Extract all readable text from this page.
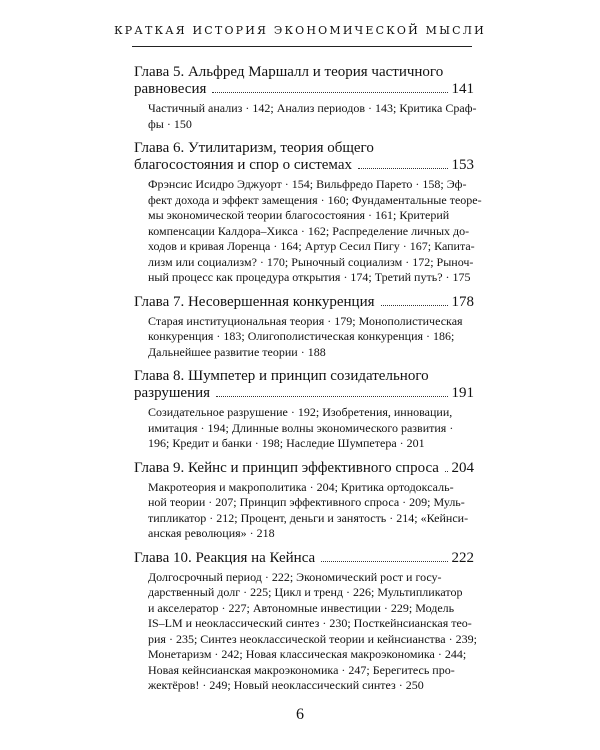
КРАТКАЯ ИСТОРИЯ ЭКОНОМИЧЕСКОЙ МЫСЛИ
Глава 5. Альфред Маршалл и теория частичного
равновесия	141
Частичный анализ · 142; Анализ периодов · 143; Критика Сраф-
фы · 150
Глава 6. Утилитаризм, теория общего
благосостояния и спор о системах	153
Фрэнсис Исидро Эджуорт · 154; Вильфредо Парето · 158; Эф-
фект дохода и эффект замещения · 160; Фундаментальные теоре-
мы экономической теории благосостояния · 161; Критерий
компенсации Калдора–Хикса · 162; Распределение личных до-
ходов и кривая Лоренца · 164; Артур Сесил Пигу · 167; Капита-
лизм или социализм? · 170; Рыночный социализм · 172; Рыноч-
ный процесс как процедура открытия · 174; Третий путь? · 175
Глава 7. Несовершенная конкуренция	178
Старая институциональная теория · 179; Монополистическая
конкуренция · 183; Олигополистическая конкуренция · 186;
Дальнейшее развитие теории · 188
Глава 8. Шумпетер и принцип созидательного
разрушения	191
Созидательное разрушение · 192; Изобретения, инновации,
имитация · 194; Длинные волны экономического развития ·
196; Кредит и банки · 198; Наследие Шумпетера · 201
Глава 9. Кейнс и принцип эффективного спроса 204
Макротеория и макрополитика · 204; Критика ортодоксаль-
ной теории · 207; Принцип эффективного спроса · 209; Муль-
типликатор · 212; Процент, деньги и занятость · 214; «Кейнси-
анская революция» · 218
Глава 10. Реакция на Кейнса	222
Долгосрочный период · 222; Экономический рост и госу-
дарственный долг · 225; Цикл и тренд · 226; Мультипликатор
и акселератор · 227; Автономные инвестиции · 229; Модель
IS–LM и неоклассический синтез · 230; Посткейнсианская тео-
рия · 235; Синтез неоклассической теории и кейнсианства · 239;
Монетаризм · 242; Новая классическая макроэкономика · 244;
Новая кейнсианская макроэкономика · 247; Берегитесь про-
жектёров! · 249; Новый неоклассический синтез · 250
6
